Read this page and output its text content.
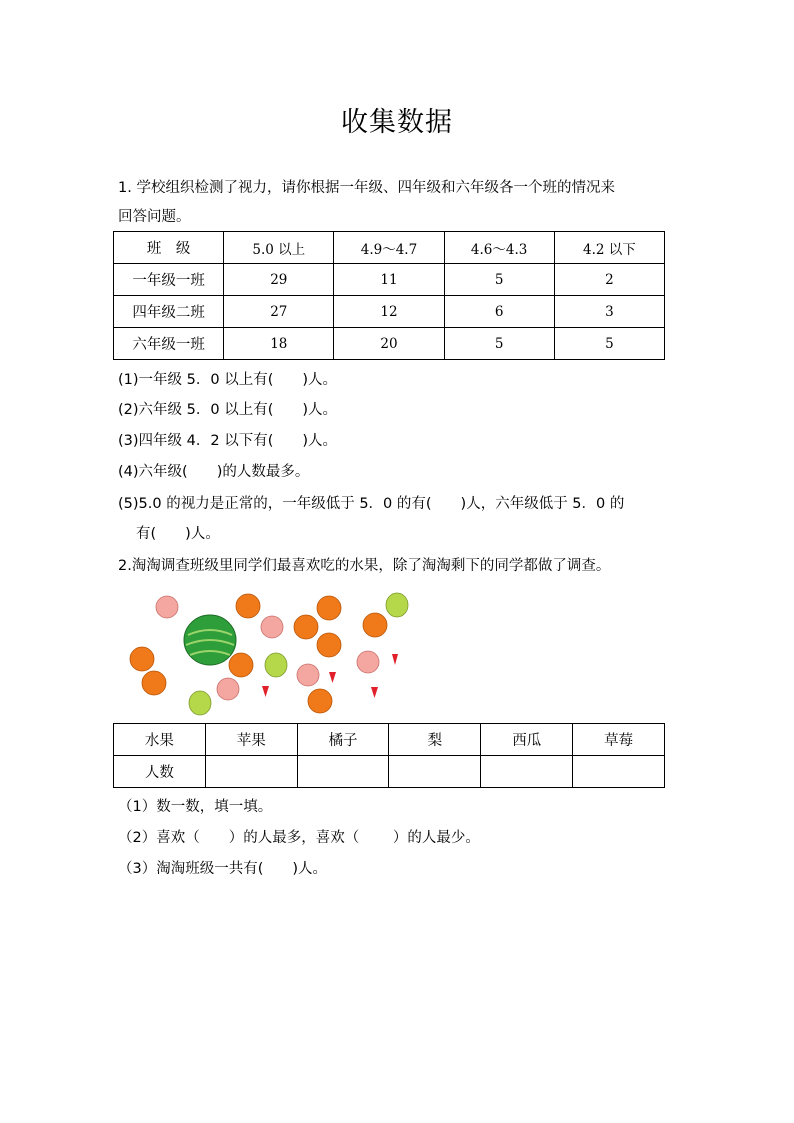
收集数据
1. 学校组织检测了视力，请你根据一年级、四年级和六年级各一个班的情况来
回答问题。
班　级	5.0 以上	4.9～4.7	4.6～4.3	4.2 以下
一年级一班	29	11	5	2
四年级二班	27	12	6	3
六年级一班	18	20	5	5
(1)一年级 5．0 以上有(　　)人。
(2)六年级 5．0 以上有(　　)人。
(3)四年级 4．2 以下有(　　)人。
(4)六年级(　　)的人数最多。
(5)5.0 的视力是正常的，一年级低于 5．0 的有(　　)人，六年级低于 5．0 的
有(　　)人。
2.淘淘调查班级里同学们最喜欢吃的水果，除了淘淘剩下的同学都做了调查。
水果	苹果	橘子	梨	西瓜	草莓
人数					
（1）数一数，填一填。
（2）喜欢（　　）的人最多，喜欢（　　 ）的人最少。
（3）淘淘班级一共有(　　)人。
